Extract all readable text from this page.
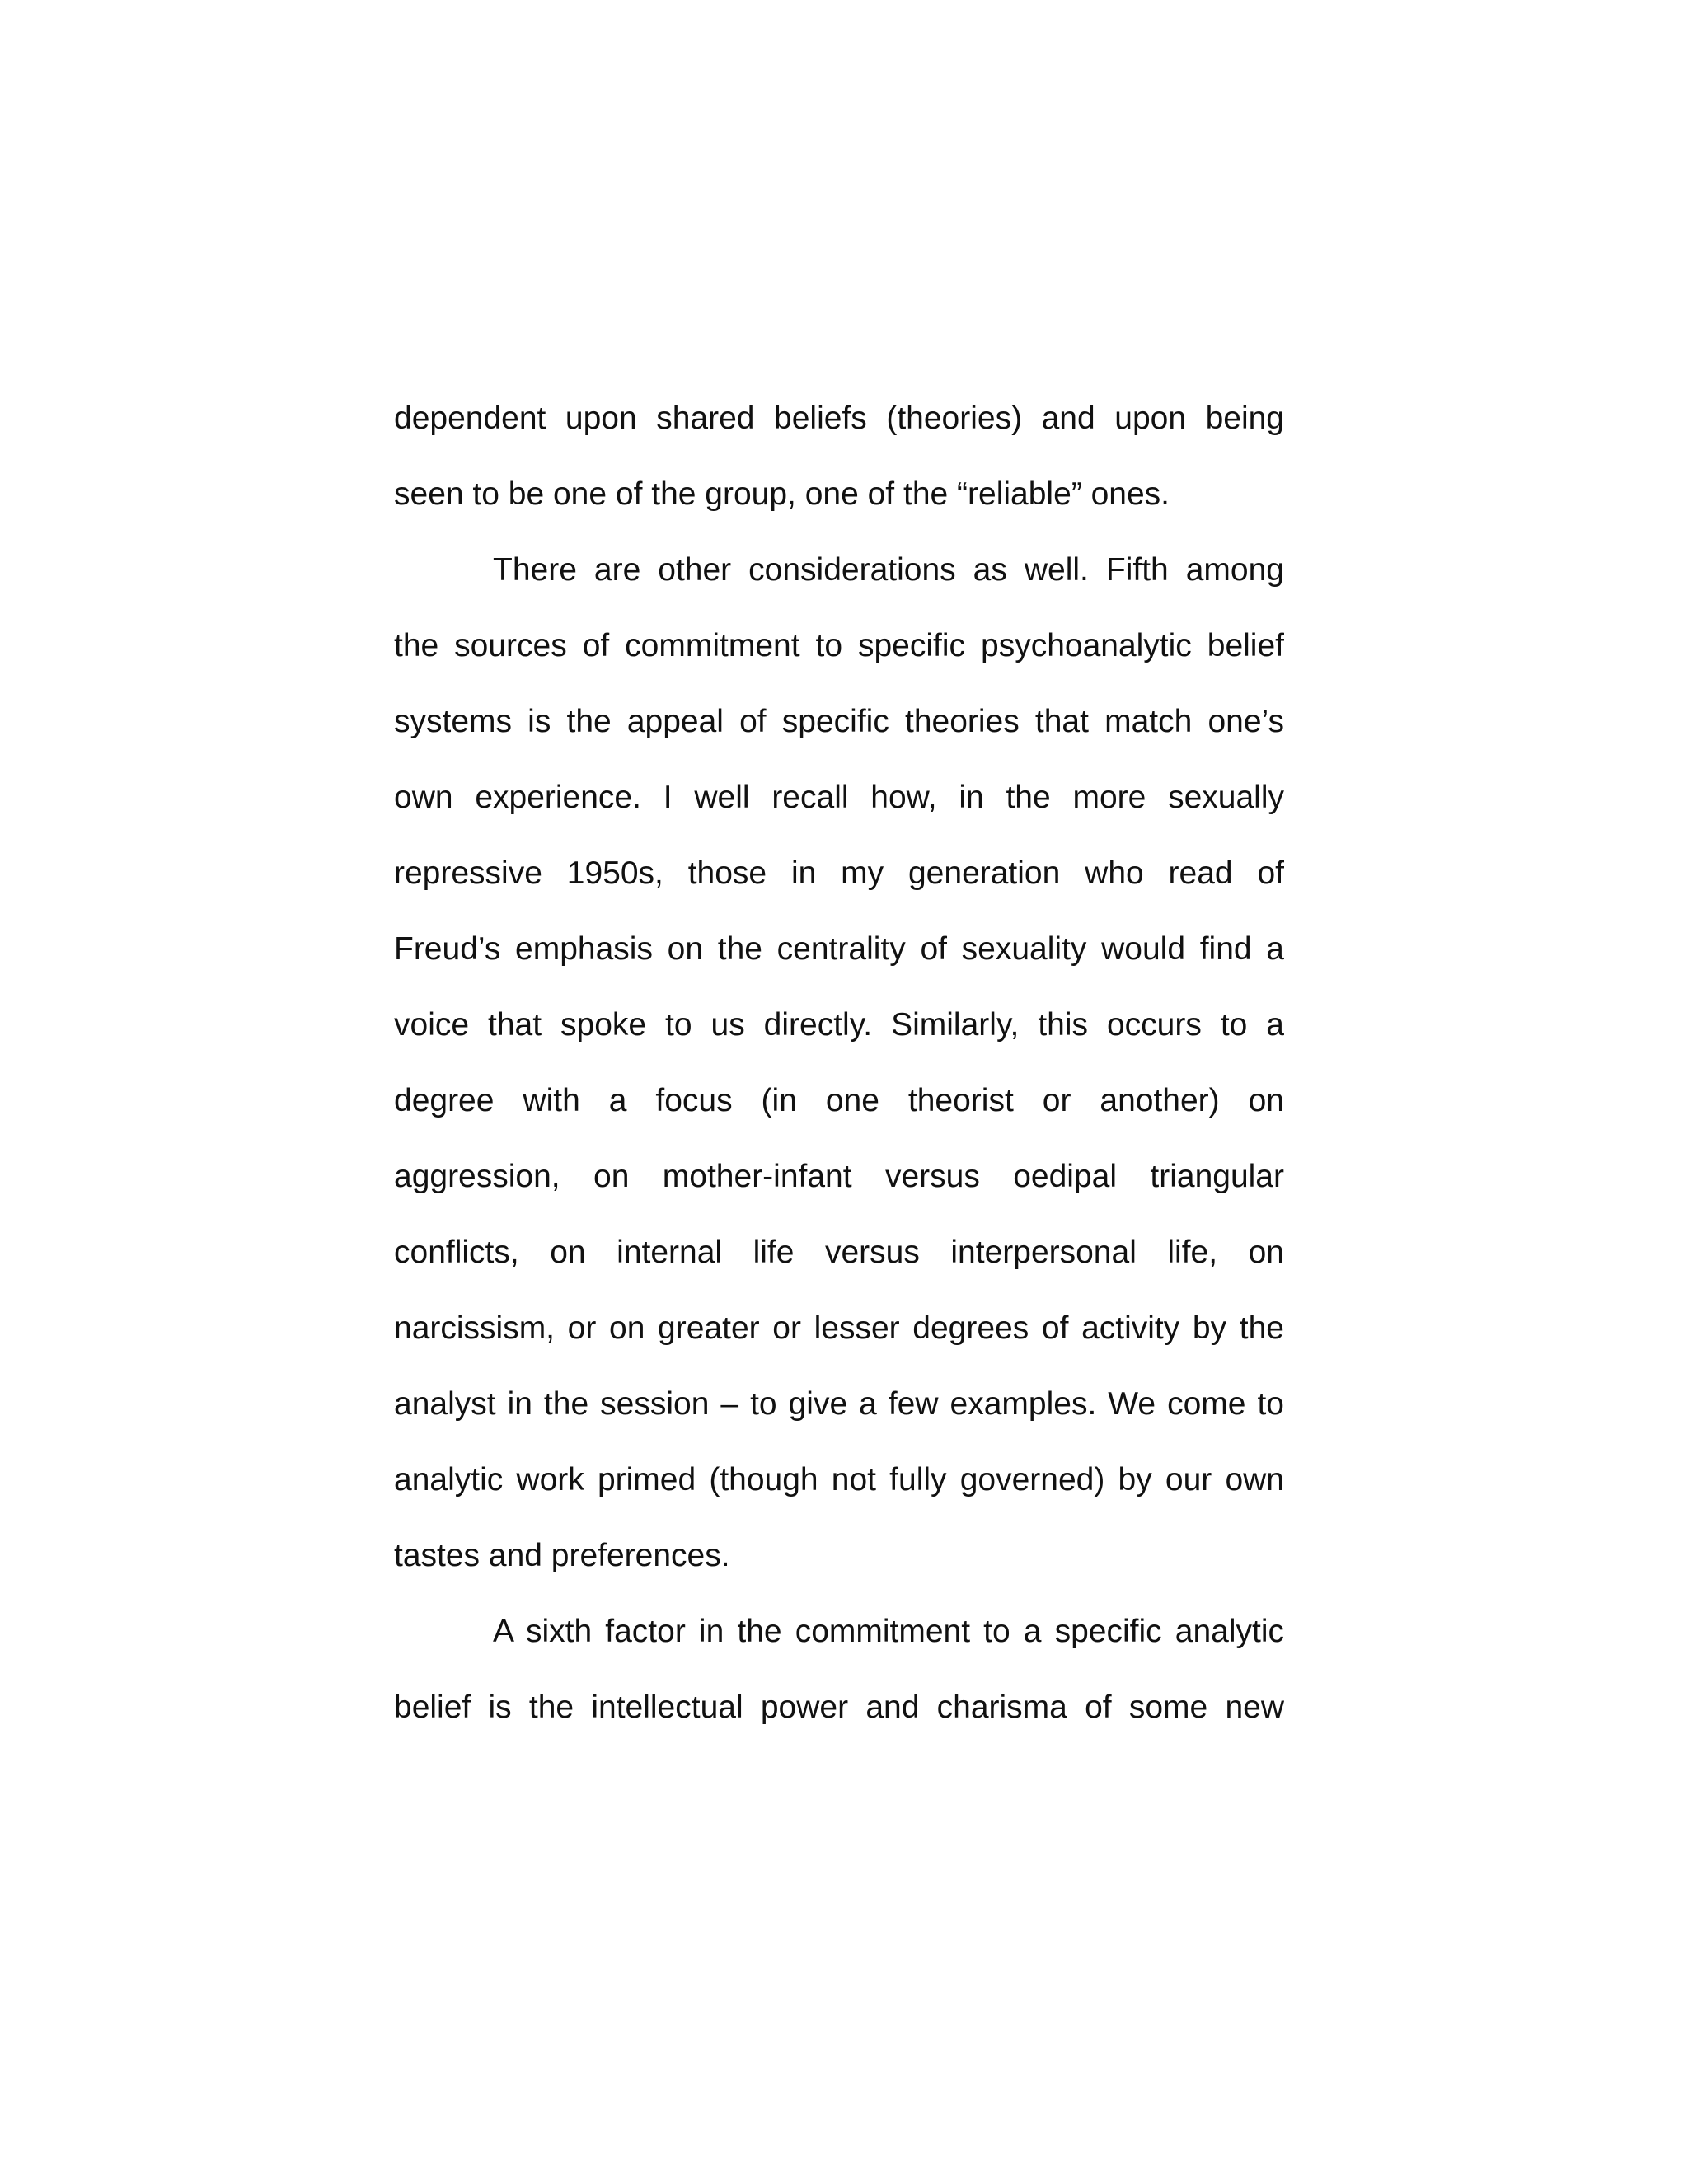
dependent upon shared beliefs (theories) and upon being
seen to be one of the group, one of the “reliable” ones.
There are other considerations as well. Fifth among
the sources of commitment to specific psychoanalytic belief
systems is the appeal of specific theories that match one’s
own experience. I well recall how, in the more sexually
repressive 1950s, those in my generation who read of
Freud’s emphasis on the centrality of sexuality would find a
voice that spoke to us directly. Similarly, this occurs to a
degree with a focus (in one theorist or another) on
aggression, on mother-infant versus oedipal triangular
conflicts, on internal life versus interpersonal life, on
narcissism, or on greater or lesser degrees of activity by the
analyst in the session – to give a few examples. We come to
analytic work primed (though not fully governed) by our own
tastes and preferences.
A sixth factor in the commitment to a specific analytic
belief is the intellectual power and charisma of some new
